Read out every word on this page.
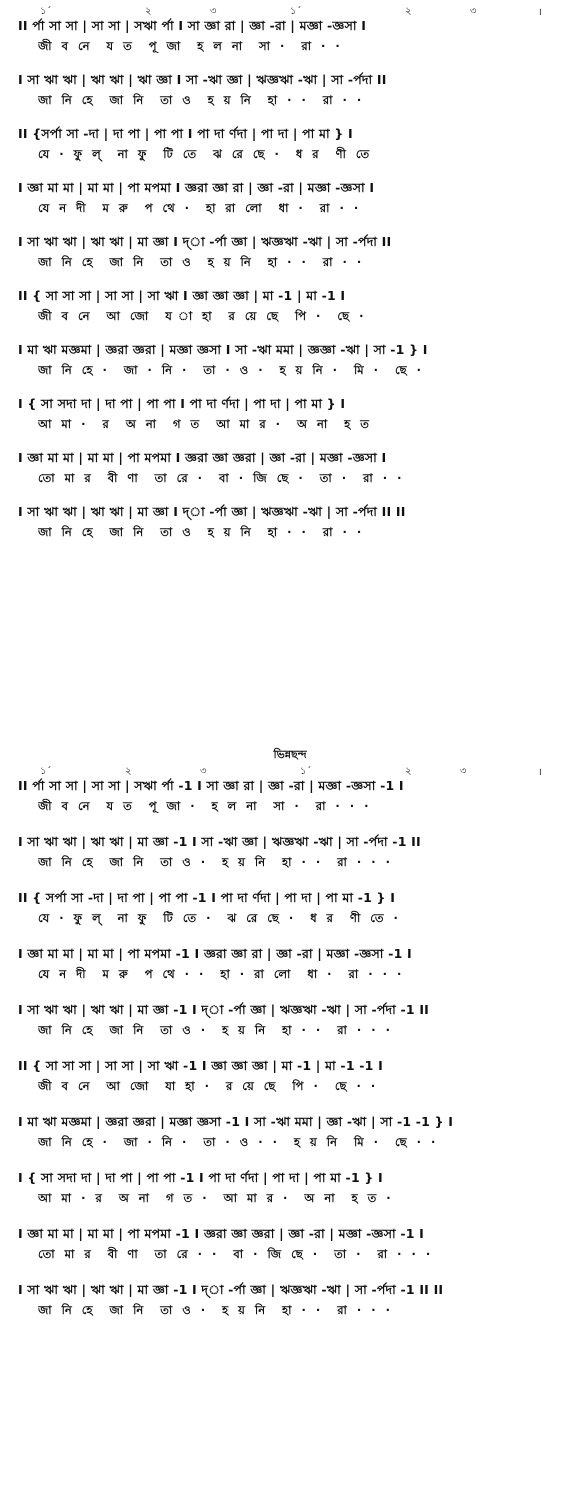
১´	২	৩	১´	২	৩	।
II র্পা সা সা | সা সা | সঋা র্পা I সা জ্ঞা রা | জ্ঞা -রা | মজ্ঞা -জ্ঞসা I
জী ব নে  য ত  পূ জা  হ ল না  সা ·  রা · ·
I সা ঋা ঋা | ঋা ঋা | ঋা জ্ঞা I সা -ঋা জ্ঞা | ঋজ্ঞঋা -ঋা | সা -র্পদা II
জা নি হে  জা নি  তা ও  হ য় নি  হা · ·  রা · ·
II {সর্পা সা -দা | দা পা | পা পা I পা দা র্ণদা | পা দা | পা মা } I
যে · ফু ল্  না ফু  টি তে  ঝ রে ছে ·  ধ র  ণী তে
I জ্ঞা মা মা | মা মা | পা মপমা I জ্ঞরা জ্ঞা রা | জ্ঞা -রা | মজ্ঞা -জ্ঞসা I
যে ন দী  ম রু  প থে ·  হা রা লো  ধা ·  রা · ·
I সা ঋা ঋা | ঋা ঋা | মা জ্ঞা I দ্‌া -র্পা জ্ঞা | ঋজ্ঞঋা -ঋা | সা -র্পদা II
জা নি হে  জা নি  তা ও  হ য় নি  হা · ·  রা · ·
II { সা সা সা | সা সা | সা ঋা I জ্ঞা জ্ঞা জ্ঞা | মা -1 | মা -1 I
জী ব নে  আ জো  য া হা  র য়ে ছে  পি ·  ছে ·
I মা ঋা মজ্ঞমা | জ্ঞরা জ্ঞরা | মজ্ঞা জ্ঞসা I সা -ঋা মমা | জ্ঞজ্ঞা -ঋা | সা -1 } I
জা নি হে ·  জা · নি ·  তা · ও ·  হ য় নি ·  মি ·  ছে ·
I { সা সদা দা | দা পা | পা পা I পা দা র্ণদা | পা দা | পা মা } I
আ মা ·  র  অ না  গ ত  আ মা র ·  অ না  হ ত
I জ্ঞা মা মা | মা মা | পা মপমা I জ্ঞরা জ্ঞা জ্ঞরা | জ্ঞা -রা | মজ্ঞা -জ্ঞসা I
তো মা র  বী ণা  তা রে ·  বা · জি ছে ·  তা ·  রা · ·
I সা ঋা ঋা | ঋা ঋা | মা জ্ঞা I দ্‌া -র্পা জ্ঞা | ঋজ্ঞঋা -ঋা | সা -র্পদা II II
জা নি হে  জা নি  তা ও  হ য় নি  হা · ·  রা · ·
ভিন্নছন্দ
১´	২	৩	১´	২	৩	।
II র্পা সা সা | সা সা | সঋা র্পা -1 I সা জ্ঞা রা | জ্ঞা -রা | মজ্ঞা -জ্ঞসা -1 I
জী ব নে  য ত  পূ জা ·  হ ল না  সা ·  রা · · ·
I সা ঋা ঋা | ঋা ঋা | মা জ্ঞা -1 I সা -ঋা জ্ঞা | ঋজ্ঞঋা -ঋা | সা -র্পদা -1 II
জা নি হে  জা নি  তা ও ·  হ য় নি  হা · ·  রা · · ·
II { সর্পা সা -দা | দা পা | পা পা -1 I পা দা র্ণদা | পা দা | পা মা -1 } I
যে · ফু ল্  না ফু  টি তে ·  ঝ রে ছে ·  ধ র  ণী তে ·
I জ্ঞা মা মা | মা মা | পা মপমা -1 I জ্ঞরা জ্ঞা রা | জ্ঞা -রা | মজ্ঞা -জ্ঞসা -1 I
যে ন দী  ম রু  প থে · ·  হা · রা লো  ধা ·  রা · · ·
I সা ঋা ঋা | ঋা ঋা | মা জ্ঞা -1 I দ্‌া -র্পা জ্ঞা | ঋজ্ঞঋা -ঋা | সা -র্পদা -1 II
জা নি হে  জা নি  তা ও ·  হ য় নি  হা · ·  রা · · ·
II { সা সা সা | সা সা | সা ঋা -1 I জ্ঞা জ্ঞা জ্ঞা | মা -1 | মা -1 -1 I
জী ব নে  আ জো  যা হা ·  র য়ে ছে  পি ·  ছে · ·
I মা ঋা মজ্ঞমা | জ্ঞরা জ্ঞরা | মজ্ঞা জ্ঞসা -1 I সা -ঋা মমা | জ্ঞা -ঋা | সা -1 -1 } I
জা নি হে ·  জা · নি ·  তা · ও · ·  হ য় নি  মি ·  ছে · ·
I { সা সদা দা | দা পা | পা পা -1 I পা দা র্ণদা | পা দা | পা মা -1 } I
আ মা · র  অ না  গ ত ·  আ মা র ·  অ না  হ ত ·
I জ্ঞা মা মা | মা মা | পা মপমা -1 I জ্ঞরা জ্ঞা জ্ঞরা | জ্ঞা -রা | মজ্ঞা -জ্ঞসা -1 I
তো মা র  বী ণা  তা রে · ·  বা · জি ছে ·  তা ·  রা · · ·
I সা ঋা ঋা | ঋা ঋা | মা জ্ঞা -1 I দ্‌া -র্পা জ্ঞা | ঋজ্ঞঋা -ঋা | সা -র্পদা -1 II II
জা নি হে  জা নি  তা ও ·  হ য় নি  হা · ·  রা · · ·
